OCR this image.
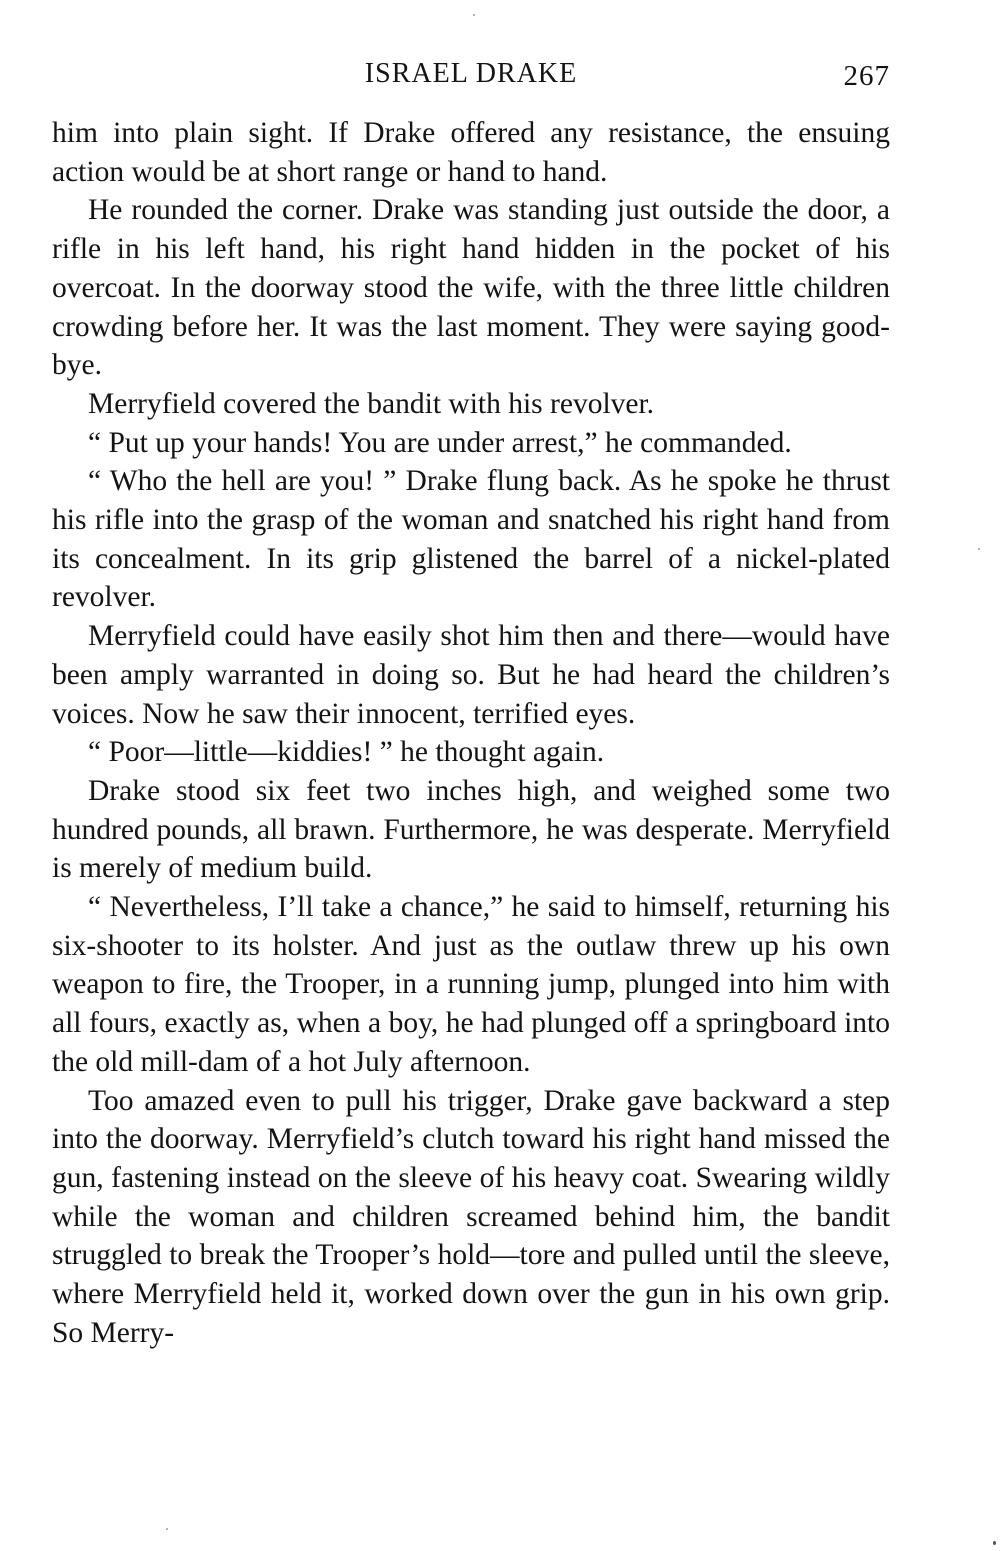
ISRAEL DRAKE	267

him into plain sight. If Drake offered any resistance, the ensuing action would be at short range or hand to hand.

He rounded the corner. Drake was standing just outside the door, a rifle in his left hand, his right hand hidden in the pocket of his overcoat. In the doorway stood the wife, with the three little children crowding before her. It was the last moment. They were saying good-bye.

Merryfield covered the bandit with his revolver.

“ Put up your hands! You are under arrest,” he commanded.

“ Who the hell are you! ” Drake flung back. As he spoke he thrust his rifle into the grasp of the woman and snatched his right hand from its concealment. In its grip glistened the barrel of a nickel-plated revolver.

Merryfield could have easily shot him then and there—would have been amply warranted in doing so. But he had heard the children’s voices. Now he saw their innocent, terrified eyes.

“ Poor—little—kiddies! ” he thought again.

Drake stood six feet two inches high, and weighed some two hundred pounds, all brawn. Furthermore, he was desperate. Merryfield is merely of medium build.

“ Nevertheless, I’ll take a chance,” he said to himself, returning his six-shooter to its holster. And just as the outlaw threw up his own weapon to fire, the Trooper, in a running jump, plunged into him with all fours, exactly as, when a boy, he had plunged off a springboard into the old mill-dam of a hot July afternoon.

Too amazed even to pull his trigger, Drake gave backward a step into the doorway. Merryfield’s clutch toward his right hand missed the gun, fastening instead on the sleeve of his heavy coat. Swearing wildly while the woman and children screamed behind him, the bandit struggled to break the Trooper’s hold—tore and pulled until the sleeve, where Merryfield held it, worked down over the gun in his own grip. So Merry-
